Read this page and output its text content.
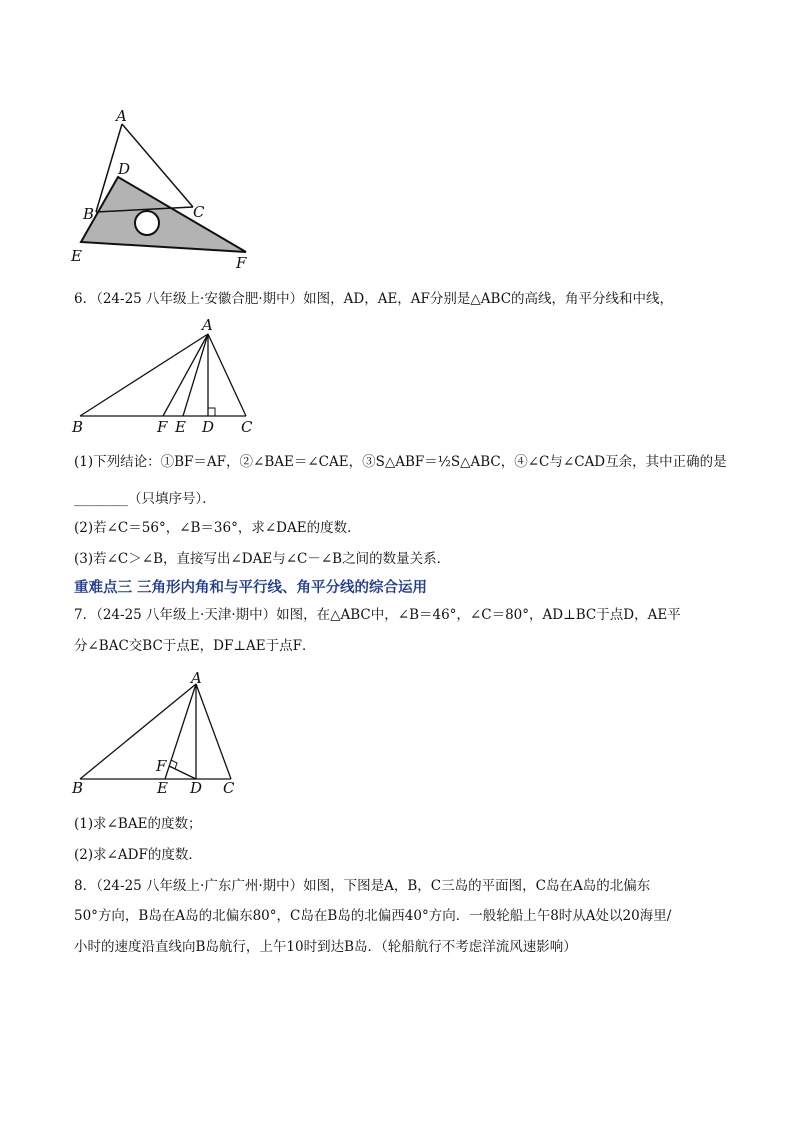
A
D
B	C
E	F
6．（24-25 八年级上·安徽合肥·期中）如图，AD，AE，AF分别是△ABC的高线，角平分线和中线，
A
B	F E D C
(1)下列结论：①BF＝AF，②∠BAE＝∠CAE，③S△ABF＝½S△ABC，④∠C与∠CAD互余，其中正确的是
________（只填序号）．
(2)若∠C＝56°，∠B＝36°，求∠DAE的度数．
(3)若∠C＞∠B，直接写出∠DAE与∠C－∠B之间的数量关系．
重难点三 三角形内角和与平行线、角平分线的综合运用
7．（24-25 八年级上·天津·期中）如图，在△ABC中，∠B＝46°，∠C＝80°，AD⊥BC于点D，AE平
分∠BAC交BC于点E，DF⊥AE于点F．
A
F
B	E D C
(1)求∠BAE的度数；
(2)求∠ADF的度数．
8．（24-25 八年级上·广东广州·期中）如图，下图是A，B，C三岛的平面图，C岛在A岛的北偏东
50°方向，B岛在A岛的北偏东80°，C岛在B岛的北偏西40°方向．一般轮船上午8时从A处以20海里/
小时的速度沿直线向B岛航行，上午10时到达B岛．（轮船航行不考虑洋流风速影响）
